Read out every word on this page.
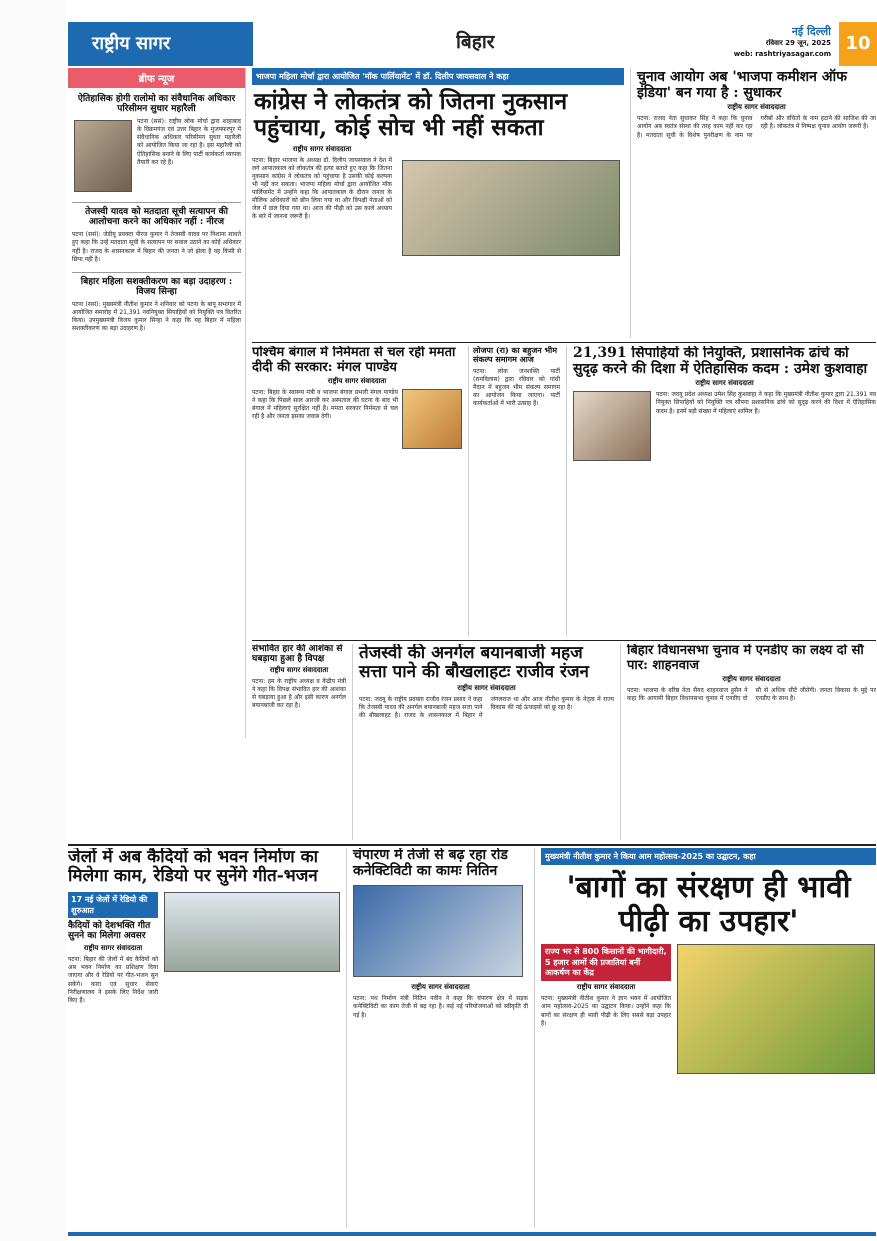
राष्ट्रीय सागर	बिहार	नई दिल्ली
रविवार 29 जून, 2025
web: rashtriyasagar.com 10
ब्रीफ न्यूज
ऐतिहासिक होगी रालोमो का संवैधानिक अधिकार परिसीमन सुधार महारैली
पटना (ससं): राष्ट्रीय लोक मोर्चा द्वारा शाहाबाद के विक्रमगंज एवं उत्तर बिहार के मुजफ्फरपुर में संवैधानिक अधिकार परिसीमन सुधार महारैली को आयोजित किया जा रहा है। इस महारैली को ऐतिहासिक बनाने के लिए पार्टी कार्यकर्ता व्यापक तैयारी कर रहे हैं।
तेजस्वी यादव को मतदाता सूची सत्यापन की आलोचना करने का अधिकार नहीं : नीरज
पटना (ससं): जेडीयू प्रवक्ता नीरज कुमार ने तेजस्वी यादव पर निशाना साधते हुए कहा कि उन्हें मतदाता सूची के सत्यापन पर सवाल उठाने का कोई अधिकार नहीं है। राजद के शासनकाल में बिहार की जनता ने जो झेला है वह किसी से छिपा नहीं है।
बिहार महिला सशक्तीकरण का बड़ा उदाहरण : विजय सिन्हा
पटना (ससं): मुख्यमंत्री नीतीश कुमार ने शनिवार को पटना के बापू सभागार में आयोजित समारोह में 21,391 नवनियुक्त सिपाहियों को नियुक्ति पत्र वितरित किया। उपमुख्यमंत्री विजय कुमार सिन्हा ने कहा कि यह बिहार में महिला सशक्तीकरण का बड़ा उदाहरण है।
भाजपा महिला मोर्चा द्वारा आयोजित 'मॉक पार्लियामेंट' में डॉ. दिलीप जायसवाल ने कहा
कांग्रेस ने लोकतंत्र को जितना नुकसान पहुंचाया, कोई सोच भी नहीं सकता
राष्ट्रीय सागर संवाददाता
पटना: बिहार भाजपा के अध्यक्ष डॉ. दिलीप जायसवाल ने देश में लगे आपातकाल को लोकतंत्र की हत्या बताते हुए कहा कि जितना नुकसान कांग्रेस ने लोकतंत्र को पहुंचाया है उसकी कोई कल्पना भी नहीं कर सकता। भाजपा महिला मोर्चा द्वारा आयोजित मॉक पार्लियामेंट में उन्होंने कहा कि आपातकाल के दौरान जनता के मौलिक अधिकारों को छीन लिया गया था और विपक्षी नेताओं को जेल में डाल दिया गया था। आज की पीढ़ी को उस काले अध्याय के बारे में जानना जरूरी है।
चुनाव आयोग अब 'भाजपा कमीशन ऑफ इंडिया' बन गया है : सुधाकर
राष्ट्रीय सागर संवाददाता
पटना: राजद नेता सुधाकर सिंह ने कहा कि चुनाव आयोग अब स्वतंत्र संस्था की तरह काम नहीं कर रहा है। मतदाता सूची के विशेष पुनरीक्षण के नाम पर गरीबों और वंचितों के नाम हटाने की साजिश की जा रही है। लोकतंत्र में निष्पक्ष चुनाव आयोग जरूरी है।
पश्चिम बंगाल में निर्ममता से चल रही ममता दीदी की सरकार: मंगल पाण्डेय
राष्ट्रीय सागर संवाददाता
पटना: बिहार के स्वास्थ्य मंत्री व भाजपा बंगाल प्रभारी मंगल पाण्डेय ने कहा कि पिछले साल आरजी कर अस्पताल की घटना के बाद भी बंगाल में महिलाएं सुरक्षित नहीं हैं। ममता सरकार निर्ममता से चल रही है और जनता इसका जवाब देगी।
लोजपा (रा) का बहुजन भीम संकल्प समागम आज
पटना: लोक जनशक्ति पार्टी (रामविलास) द्वारा रविवार को गांधी मैदान में बहुजन भीम संकल्प समागम का आयोजन किया जाएगा। पार्टी कार्यकर्ताओं में भारी उत्साह है।
21,391 सिपाहियों की नियुक्ति, प्रशासनिक ढांचे को सुदृढ़ करने की दिशा में ऐतिहासिक कदम : उमेश कुशवाहा
राष्ट्रीय सागर संवाददाता
पटना: जदयू प्रदेश अध्यक्ष उमेश सिंह कुशवाहा ने कहा कि मुख्यमंत्री नीतीश कुमार द्वारा 21,391 नव नियुक्त सिपाहियों को नियुक्ति पत्र सौंपना प्रशासनिक ढांचे को सुदृढ़ करने की दिशा में ऐतिहासिक कदम है। इनमें बड़ी संख्या में महिलाएं शामिल हैं।
संभावित हार की आशंका से घबड़ाया हुआ है विपक्ष
राष्ट्रीय सागर संवाददाता
पटना: हम के राष्ट्रीय अध्यक्ष व केंद्रीय मंत्री ने कहा कि विपक्ष संभावित हार की आशंका से घबड़ाया हुआ है और इसी कारण अनर्गल बयानबाजी कर रहा है।
तेजस्वी की अनर्गल बयानबाजी महज सत्ता पाने की बौखलाहटः राजीव रंजन
राष्ट्रीय सागर संवाददाता
पटना: जदयू के राष्ट्रीय प्रवक्ता राजीव रंजन प्रसाद ने कहा कि तेजस्वी यादव की अनर्गल बयानबाजी महज सत्ता पाने की बौखलाहट है। राजद के शासनकाल में बिहार में जंगलराज था और आज नीतीश कुमार के नेतृत्व में राज्य विकास की नई ऊंचाइयों को छू रहा है।
बिहार विधानसभा चुनाव में एनडीए का लक्ष्य दो सौ पार: शाहनवाज
राष्ट्रीय सागर संवाददाता
पटना: भाजपा के वरिष्ठ नेता सैयद शाहनवाज हुसैन ने कहा कि आगामी बिहार विधानसभा चुनाव में एनडीए दो सौ से अधिक सीटें जीतेगी। जनता विकास के मुद्दे पर एनडीए के साथ है।
जेलों में अब कैदियों को भवन निर्माण का मिलेगा काम, रेडियो पर सुनेंगे गीत-भजन
17 नई जेलों में रेडियो की शुरुआत
कैदियों को देशभक्ति गीत सुनने का मिलेगा अवसर
राष्ट्रीय सागर संवाददाता
पटना: बिहार की जेलों में बंद कैदियों को अब भवन निर्माण का प्रशिक्षण दिया जाएगा और वे रेडियो पर गीत-भजन सुन सकेंगे। कारा एवं सुधार सेवाएं निरीक्षणालय ने इसके लिए निर्देश जारी किए हैं।
चंपारण में तेजी से बढ़ रहा रोड कनेक्टिविटी का कामः नितिन
राष्ट्रीय सागर संवाददाता
पटना: पथ निर्माण मंत्री नितिन नवीन ने कहा कि चंपारण क्षेत्र में सड़क कनेक्टिविटी का काम तेजी से बढ़ रहा है। कई नई परियोजनाओं को स्वीकृति दी गई है।
मुख्यमंत्री नीतीश कुमार ने किया आम महोत्सव-2025 का उद्घाटन, कहा
'बागों का संरक्षण ही भावी पीढ़ी का उपहार'
राज्य भर से 800 किसानों की भागीदारी, 5 हजार आमों की प्रजातियां बनीं आकर्षण का केंद्र
राष्ट्रीय सागर संवाददाता
पटना: मुख्यमंत्री नीतीश कुमार ने ज्ञान भवन में आयोजित आम महोत्सव-2025 का उद्घाटन किया। उन्होंने कहा कि बागों का संरक्षण ही भावी पीढ़ी के लिए सबसे बड़ा उपहार है।
